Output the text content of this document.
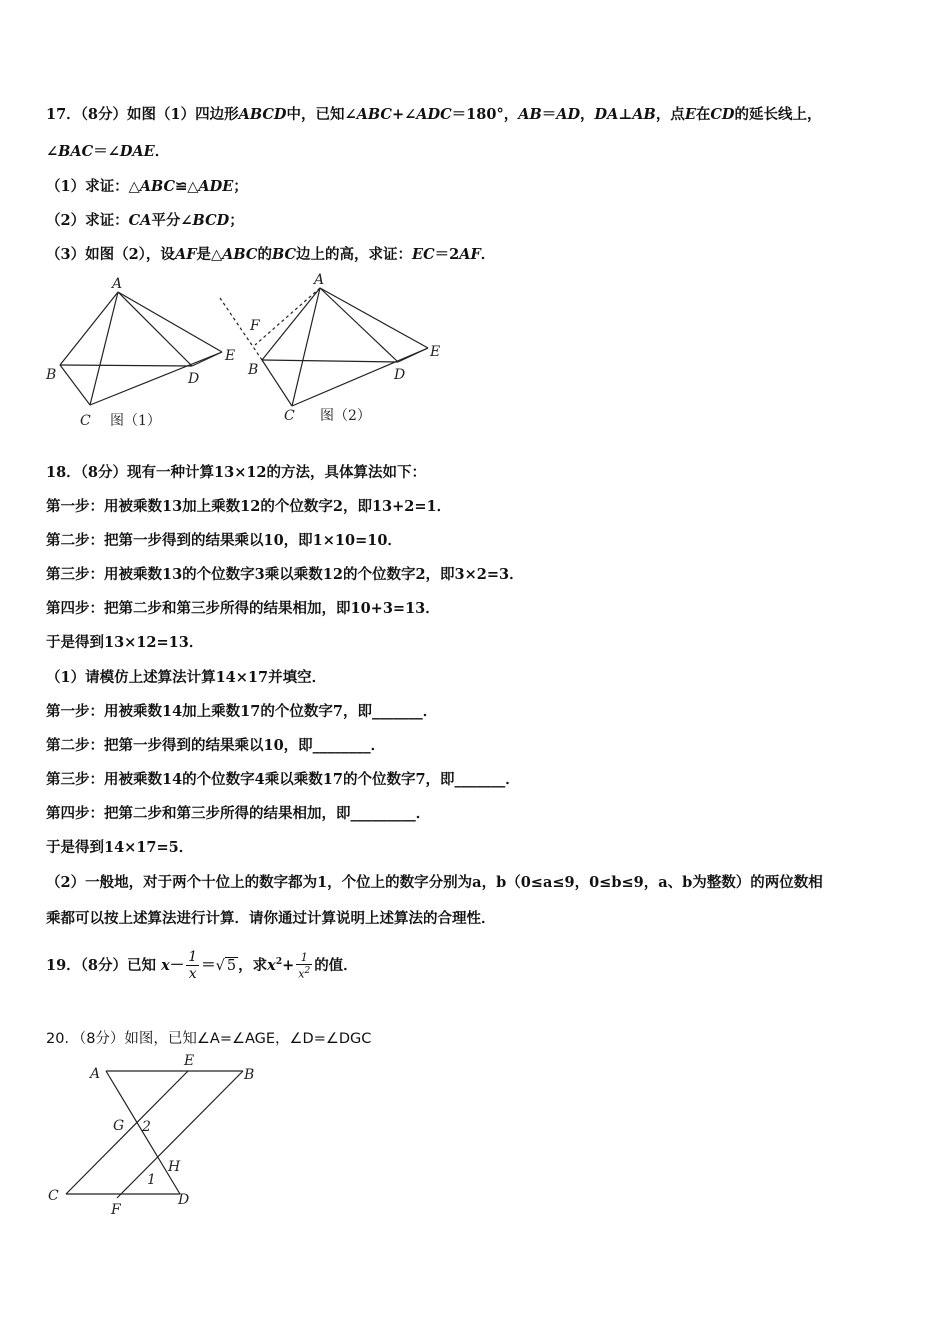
17．（8分）如图（1）四边形ABCD中，已知∠ABC+∠ADC＝180°，AB＝AD，DA⊥AB，点E在CD的延长线上，
∠BAC＝∠DAE．
（1）求证：△ABC≌△ADE；
（2）求证：CA平分∠BCD；
（3）如图（2），设AF是△ABC的BC边上的高，求证：EC＝2AF．
A
B
C
D
E
图（1）
A
B
C
D
E
F
图（2）
18．（8分）现有一种计算13×12的方法，具体算法如下：
第一步：用被乘数13加上乘数12的个位数字2，即13+2=1．
第二步：把第一步得到的结果乘以10，即1×10=10．
第三步：用被乘数13的个位数字3乘以乘数12的个位数字2，即3×2=3．
第四步：把第二步和第三步所得的结果相加，即10+3=13．
于是得到13×12=13．
（1）请模仿上述算法计算14×17并填空．
第一步：用被乘数14加上乘数17的个位数字7，即_______．
第二步：把第一步得到的结果乘以10，即________．
第三步：用被乘数14的个位数字4乘以乘数17的个位数字7，即_______．
第四步：把第二步和第三步所得的结果相加，即_________．
于是得到14×17=5．
（2）一般地，对于两个十位上的数字都为1，个位上的数字分别为a，b（0≤a≤9，0≤b≤9，a、b为整数）的两位数相
乘都可以按上述算法进行计算．请你通过计算说明上述算法的合理性．
19．（8分）已知 $x- \frac{1}{x}$ ＝√ 5 ，求$x^2+ \frac{1}{x^2}$ 的值．
20．（8分）如图，已知∠A=∠AGE，∠D=∠DGC
A
E
B
G 2
H
1
C
F
D
